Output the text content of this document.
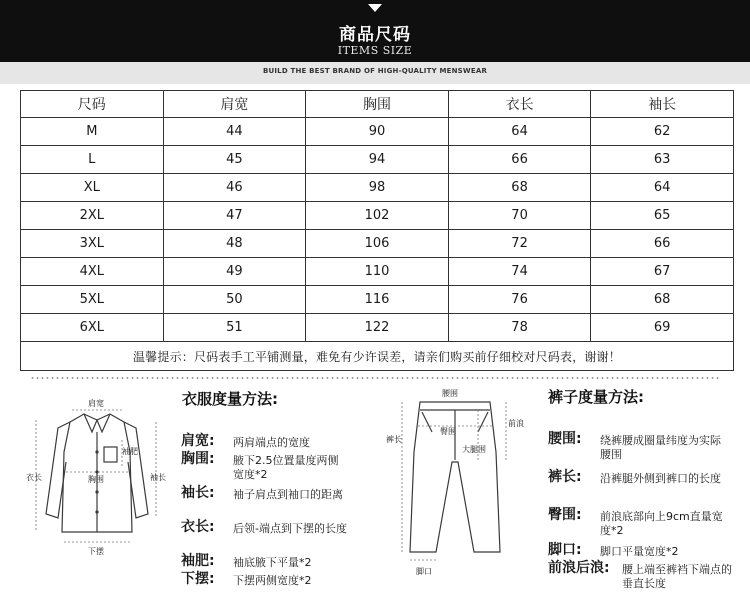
商品尺码
ITEMS SIZE
BUILD THE BEST BRAND OF HIGH-QUALITY MENSWEAR
尺码	肩宽	胸围	衣长	袖长
M	44	90	64	62
L	45	94	66	63
XL	46	98	68	64
2XL	47	102	70	65
3XL	48	106	72	66
4XL	49	110	74	67
5XL	50	116	76	68
6XL	51	122	78	69
温馨提示：尺码表手工平铺测量，难免有少许误差，请亲们购买前仔细校对尺码表，谢谢！				
肩宽
衣长
袖肥
袖长
胸围
下摆
衣服度量方法:
肩宽: 两肩端点的宽度
胸围: 腋下2.5位置量度两侧宽度*2
袖长: 袖子肩点到袖口的距离
衣长: 后领-端点到下摆的长度
袖肥: 袖底腋下平量*2
下摆: 下摆两侧宽度*2
腰围
前浪
裤长
臀围
大腿围
脚口
裤子度量方法:
腰围: 绕裤腰成圈量纬度为实际腰围
裤长: 沿裤腿外侧到裤口的长度
臀围: 前浪底部向上9cm直量宽度*2
脚口: 脚口平量宽度*2
前浪后浪: 腰上端至裤裆下端点的垂直长度
